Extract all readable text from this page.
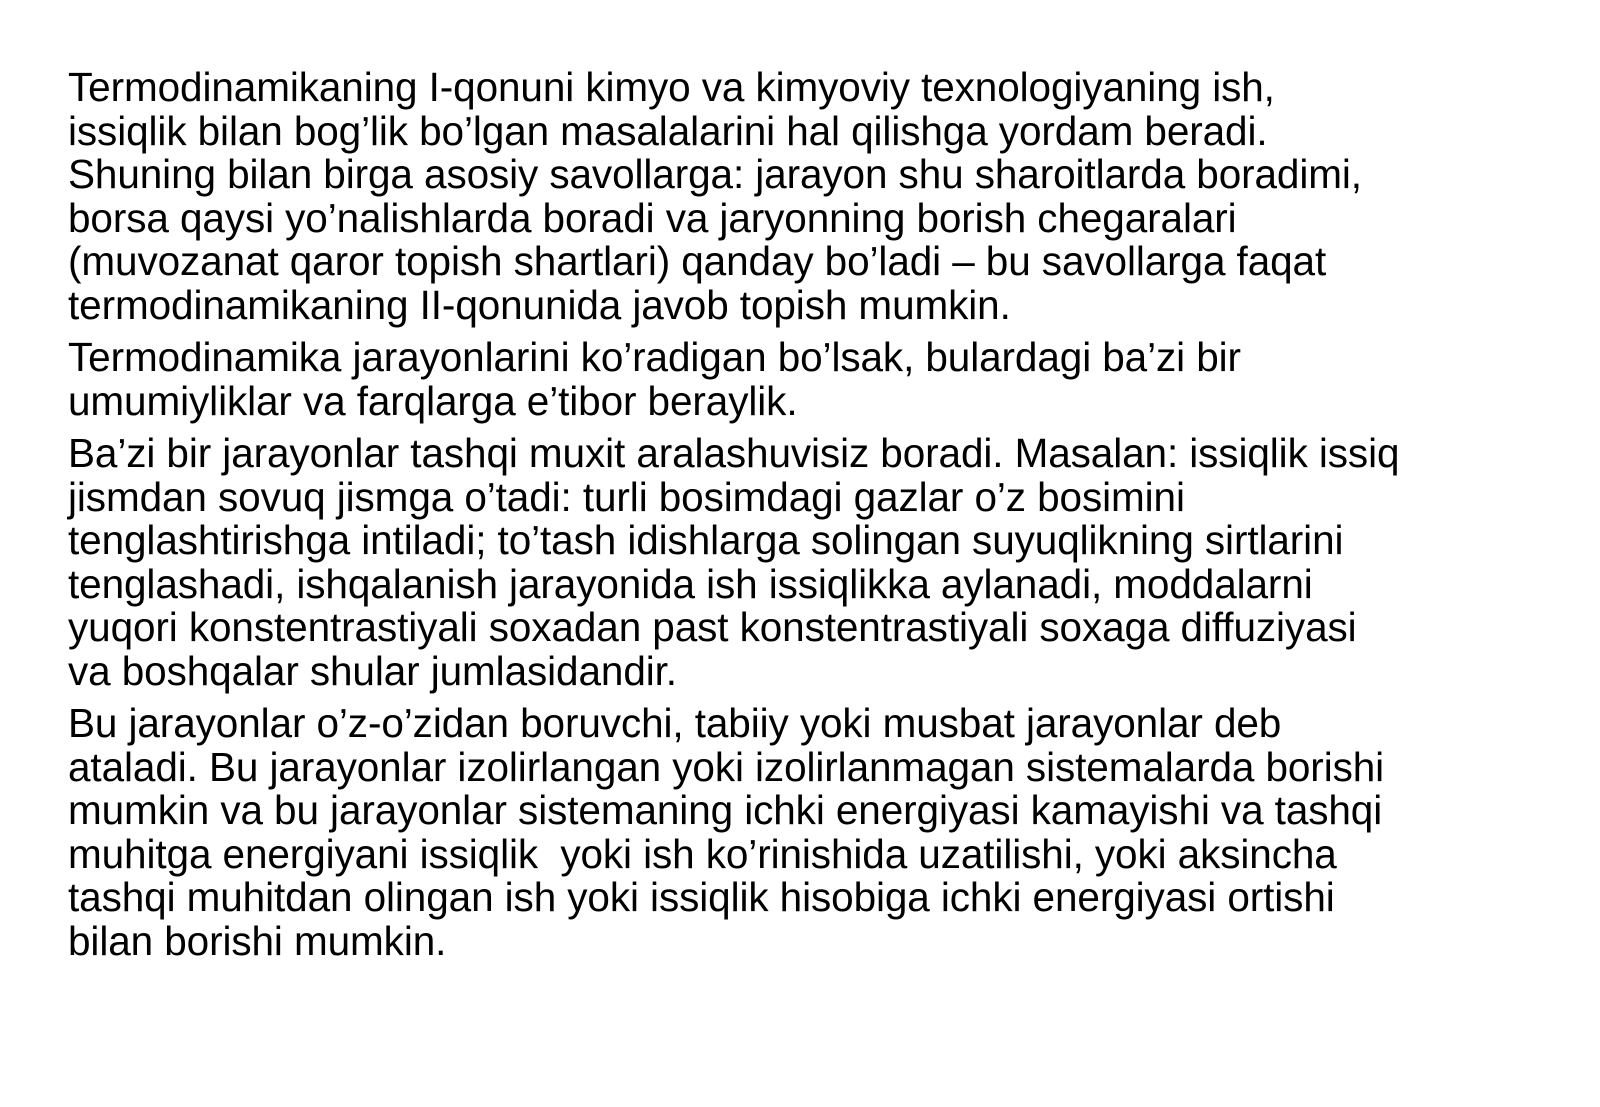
Termodinamikaning I-qonuni kimyo va kimyoviy texnologiyaning ish,
issiqlik bilan bog’lik bo’lgan masalalarini hal qilishga yordam beradi.
Shuning bilan birga asosiy savollarga: jarayon shu sharoitlarda boradimi,
borsa qaysi yo’nalishlarda boradi va jaryonning borish chegaralari
(muvozanat qaror topish shartlari) qanday bo’ladi – bu savollarga faqat
termodinamikaning II-qonunida javob topish mumkin.

Termodinamika jarayonlarini ko’radigan bo’lsak, bulardagi ba’zi bir
umumiyliklar va farqlarga e’tibor beraylik.

Ba’zi bir jarayonlar tashqi muxit aralashuvisiz boradi. Masalan: issiqlik issiq
jismdan sovuq jismga o’tadi: turli bosimdagi gazlar o’z bosimini
tenglashtirishga intiladi; to’tash idishlarga solingan suyuqlikning sirtlarini
tenglashadi, ishqalanish jarayonida ish issiqlikka aylanadi, moddalarni
yuqori konstentrastiyali soxadan past konstentrastiyali soxaga diffuziyasi
va boshqalar shular jumlasidandir.

Bu jarayonlar o’z-o’zidan boruvchi, tabiiy yoki musbat jarayonlar deb
ataladi. Bu jarayonlar izolirlangan yoki izolirlanmagan sistemalarda borishi
mumkin va bu jarayonlar sistemaning ichki energiyasi kamayishi va tashqi
muhitga energiyani issiqlik  yoki ish ko’rinishida uzatilishi, yoki aksincha
tashqi muhitdan olingan ish yoki issiqlik hisobiga ichki energiyasi ortishi
bilan borishi mumkin.
